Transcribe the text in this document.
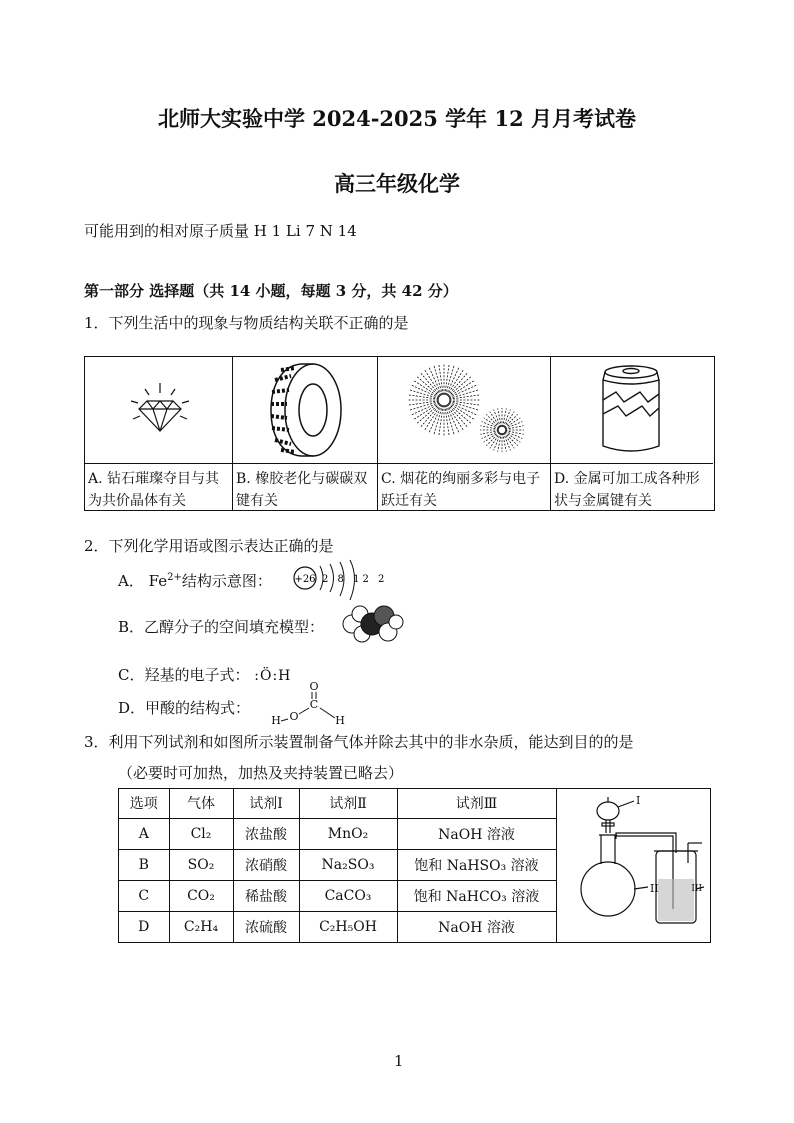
北师大实验中学 2024-2025 学年 12 月月考试卷
高三年级化学
可能用到的相对原子质量 H 1 Li 7 N 14
第一部分 选择题（共 14 小题，每题 3 分，共 42 分）
1．下列生活中的现象与物质结构关联不正确的是
A. 钻石璀璨夺目与其为共价晶体有关
B. 橡胶老化与碳碳双键有关
C. 烟花的绚丽多彩与电子跃迁有关
D. 金属可加工成各种形状与金属键有关
2．下列化学用语或图示表达正确的是
A． $Fe^{2+}$结构示意图： +26 2 8 12 2
B．乙醇分子的空间填充模型：
C．羟基的电子式： :Ö:H
D．甲酸的结构式：
O
C
O
H	H
3．利用下列试剂和如图所示装置制备气体并除去其中的非水杂质，能达到目的的是
（必要时可加热，加热及夹持装置已略去）
选项	气体	试剂Ⅰ	试剂Ⅱ	试剂Ⅲ
A	Cl₂	浓盐酸	MnO₂	NaOH 溶液
B	SO₂	浓硝酸	Na₂SO₃	饱和 NaHSO₃ 溶液
C	CO₂	稀盐酸	CaCO₃	饱和 NaHCO₃ 溶液
D	C₂H₄	浓硫酸	C₂H₅OH	NaOH 溶液
I
II	III
1
